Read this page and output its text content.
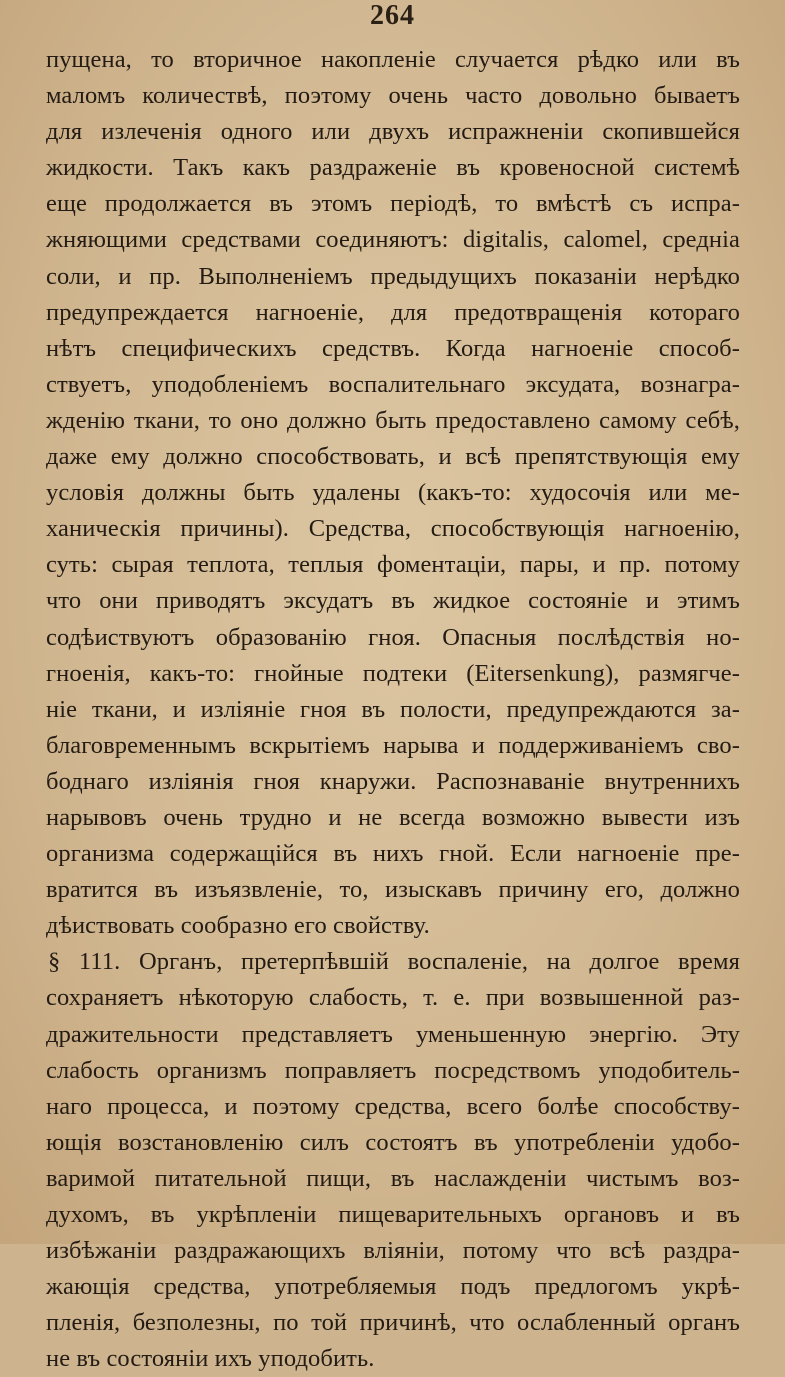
264
пущена, то вторичное накопленіе случается рѣдко или въ
маломъ количествѣ, поэтому очень часто довольно бываетъ
для излеченія одного или двухъ испражненіи скопившейся
жидкости. Такъ какъ раздраженіе въ кровеносной системѣ
еще продолжается въ этомъ періодѣ, то вмѣстѣ съ испра-
жняющими средствами соединяютъ: digitalis, calomel, средніа
соли, и пр. Выполненіемъ предыдущихъ показаніи нерѣдко
предупреждается нагноеніе, для предотвращенія котораго
нѣтъ специфическихъ средствъ. Когда нагноеніе способ-
ствуетъ, уподобленіемъ воспалительнаго эксудата, вознагра-
жденію ткани, то оно должно быть предоставлено самому себѣ,
даже ему должно способствовать, и всѣ препятствующія ему
условія должны быть удалены (какъ-то: худосочія или ме-
ханическія причины). Средства, способствующія нагноенію,
суть: сырая теплота, теплыя фоментаціи, пары, и пр. потому
что они приводятъ эксудатъ въ жидкое состояніе и этимъ
содѣиствуютъ образованію гноя. Опасныя послѣдствія но-
гноенія, какъ-то: гнойные подтеки (Eitersenkung), размягче-
ніе ткани, и изліяніе гноя въ полости, предупреждаются за-
благовременнымъ вскрытіемъ нарыва и поддерживаніемъ сво-
боднаго изліянія гноя кнаружи. Распознаваніе внутреннихъ
нарывовъ очень трудно и не всегда возможно вывести изъ
организма содержащійся въ нихъ гной. Если нагноеніе пре-
вратится въ изъязвленіе, то, изыскавъ причину его, должно
дѣиствовать сообразно его свойству.
§ 111. Органъ, претерпѣвшій воспаленіе, на долгое время
сохраняетъ нѣкоторую слабость, т. е. при возвышенной раз-
дражительности представляетъ уменьшенную энергію. Эту
слабость организмъ поправляетъ посредствомъ уподобитель-
наго процесса, и поэтому средства, всего болѣе способству-
ющія возстановленію силъ состоятъ въ употребленіи удобо-
варимой питательной пищи, въ наслажденіи чистымъ воз-
духомъ, въ укрѣпленіи пищеварительныхъ органовъ и въ
избѣжаніи раздражающихъ вліяніи, потому что всѣ раздра-
жающія средства, употребляемыя подъ предлогомъ укрѣ-
пленія, безполезны, по той причинѣ, что ослабленный органъ
не въ состояніи ихъ уподобить.
